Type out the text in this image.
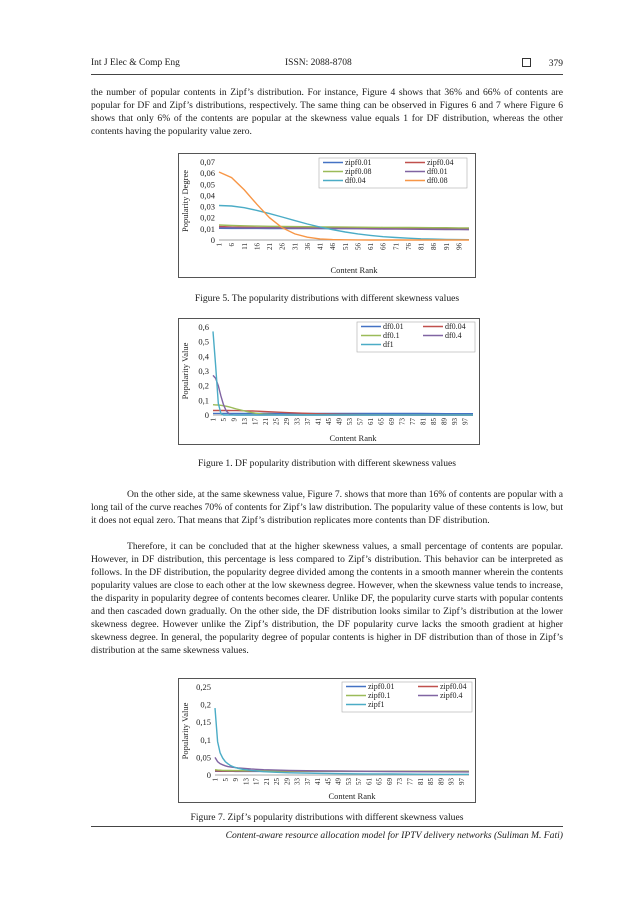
Int J Elec & Comp Eng	ISSN: 2088-8708	379

the number of popular contents in Zipf’s distribution. For instance, Figure 4 shows that 36% and 66% of contents are popular for DF and Zipf’s distributions, respectively. The same thing can be observed in Figures 6 and 7 where Figure 6 shows that only 6% of the contents are popular at the skewness value equals 1 for DF distribution, whereas the other contents having the popularity value zero.

0
0,01
0,02
0,03
0,04
0,05
0,06
0,07
1 6 11 16 21 26 31 36 41 46 51 56 61 66 71 76 81 86 91 96
Popularity Degree
Content Rank
zipf0.01	zipf0.04
zipf0.08	df0.01
df0.04	df0.08
Figure 5. The popularity distributions with different skewness values
0
0,1
0,2
0,3
0,4
0,5
0,6
1 5 9 13 17 21 25 29 33 37 41 45 49 53 57 61 65 69 73 77 81 85 89 93 97
Popularity Value
Content Rank
df0.01	df0.04
df0.1	df0.4
df1
Figure 1. DF popularity distribution with different skewness values

On the other side, at the same skewness value, Figure 7. shows that more than 16% of contents are popular with a long tail of the curve reaches 70% of contents for Zipf’s law distribution. The popularity value of these contents is low, but it does not equal zero. That means that Zipf’s distribution replicates more contents than DF distribution.

Therefore, it can be concluded that at the higher skewness values, a small percentage of contents are popular. However, in DF distribution, this percentage is less compared to Zipf’s distribution. This behavior can be interpreted as follows. In the DF distribution, the popularity degree divided among the contents in a smooth manner wherein the contents popularity values are close to each other at the low skewness degree. However, when the skewness value tends to increase, the disparity in popularity degree of contents becomes clearer. Unlike DF, the popularity curve starts with popular contents and then cascaded down gradually. On the other side, the DF distribution looks similar to Zipf’s distribution at the lower skewness degree. However unlike the Zipf’s distribution, the DF popularity curve lacks the smooth gradient at higher skewness degree. In general, the popularity degree of popular contents is higher in DF distribution than of those in Zipf’s distribution at the same skewness values.

0
0,05
0,1
0,15
0,2
0,25
1 5 9 13 17 21 25 29 33 37 41 45 49 53 57 61 65 69 73 77 81 85 89 93 97
Popularity Value
Content Rank
zipf0.01	zipf0.04
zipf0.1	zipf0.4
zipf1
Figure 7. Zipf’s popularity distributions with different skewness values
Content-aware resource allocation model for IPTV delivery networks (Suliman M. Fati)
